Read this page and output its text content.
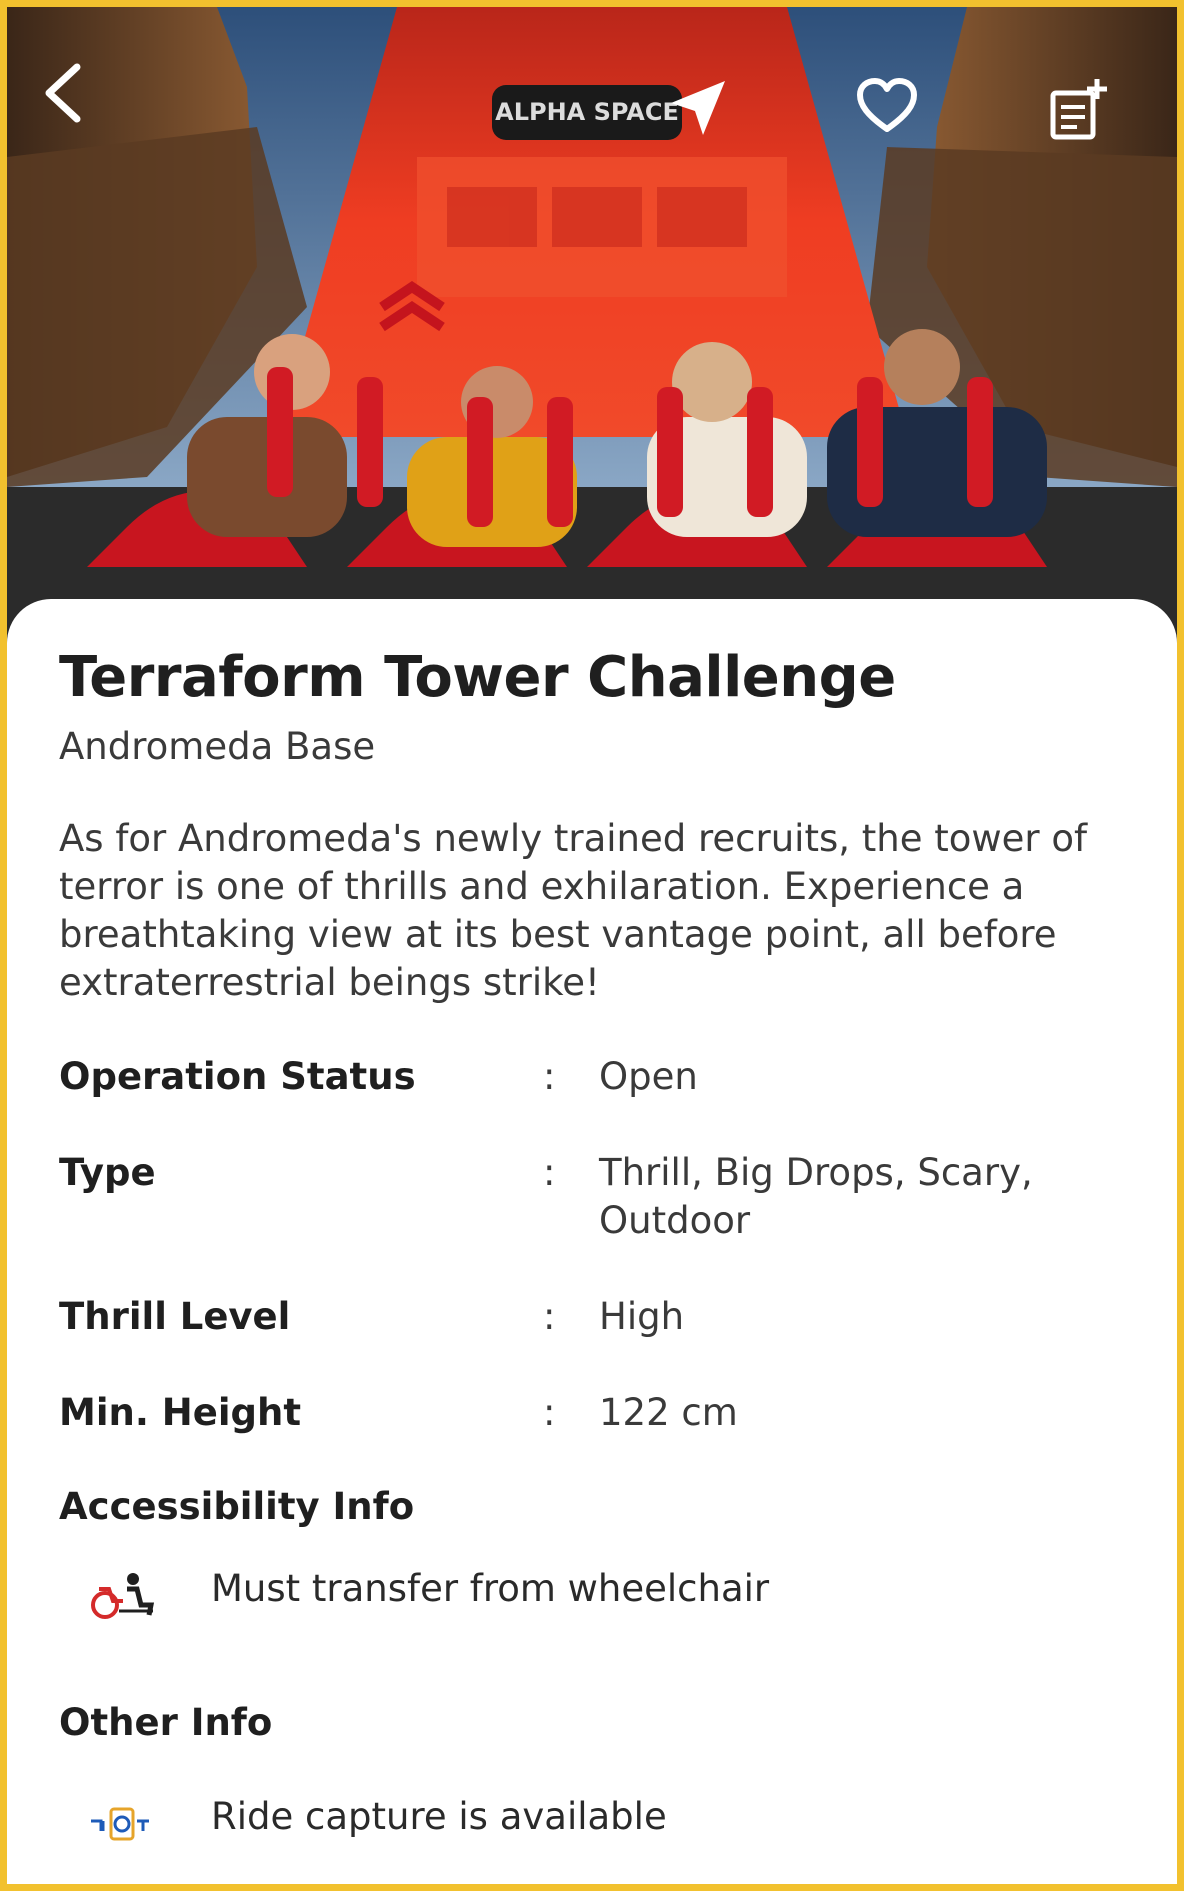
ALPHA SPACE
Terraform Tower Challenge
Andromeda Base
As for Andromeda's newly trained recruits, the tower of terror is one of thrills and exhilaration. Experience a breathtaking view at its best vantage point, all before extraterrestrial beings strike!
Operation Status	: Open
Type	: Thrill, Big Drops, Scary, Outdoor
Thrill Level	: High
Min. Height	: 122 cm
Accessibility Info
Must transfer from wheelchair
Other Info
Ride capture is available
